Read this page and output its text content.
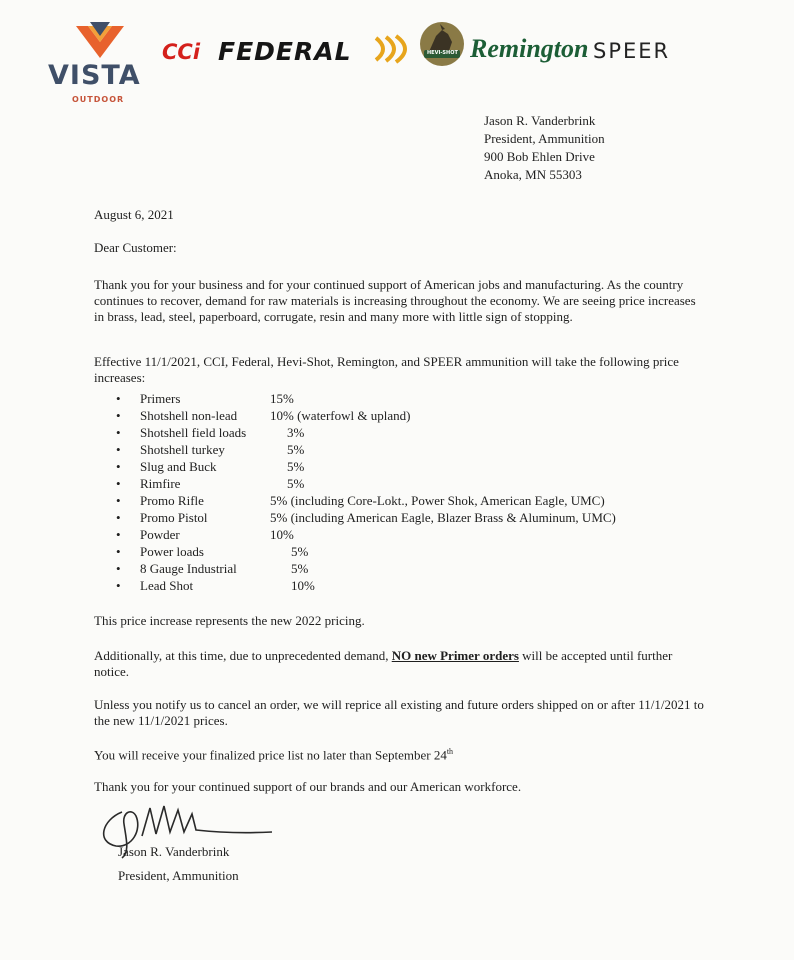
VISTA
OUTDOOR
CCi FEDERAL	HEVI-SHOT Remington SPEER
Jason R. Vanderbrink
President, Ammunition
900 Bob Ehlen Drive
Anoka, MN 55303
August 6, 2021
Dear Customer:
Thank you for your business and for your continued support of American jobs and manufacturing. As the country continues to recover, demand for raw materials is increasing throughout the economy. We are seeing price increases in brass, lead, steel, paperboard, corrugate, resin and many more with little sign of stopping.
Effective 11/1/2021, CCI, Federal, Hevi-Shot, Remington, and SPEER ammunition will take the following price increases:
• Primers	15%
• Shotshell non-lead	10% (waterfowl & upland)
• Shotshell field loads	3%
• Shotshell turkey	5%
• Slug and Buck	5%
• Rimfire	5%
• Promo Rifle	5% (including Core-Lokt., Power Shok, American Eagle, UMC)
• Promo Pistol	5% (including American Eagle, Blazer Brass & Aluminum, UMC)
• Powder	10%
• Power loads	5%
• 8 Gauge Industrial	5%
• Lead Shot	10%
This price increase represents the new 2022 pricing.
Additionally, at this time, due to unprecedented demand, NO new Primer orders will be accepted until further notice.
Unless you notify us to cancel an order, we will reprice all existing and future orders shipped on or after 11/1/2021 to the new 11/1/2021 prices.
You will receive your finalized price list no later than September 24th
Thank you for your continued support of our brands and our American workforce.
Jason R. Vanderbrink
President, Ammunition
